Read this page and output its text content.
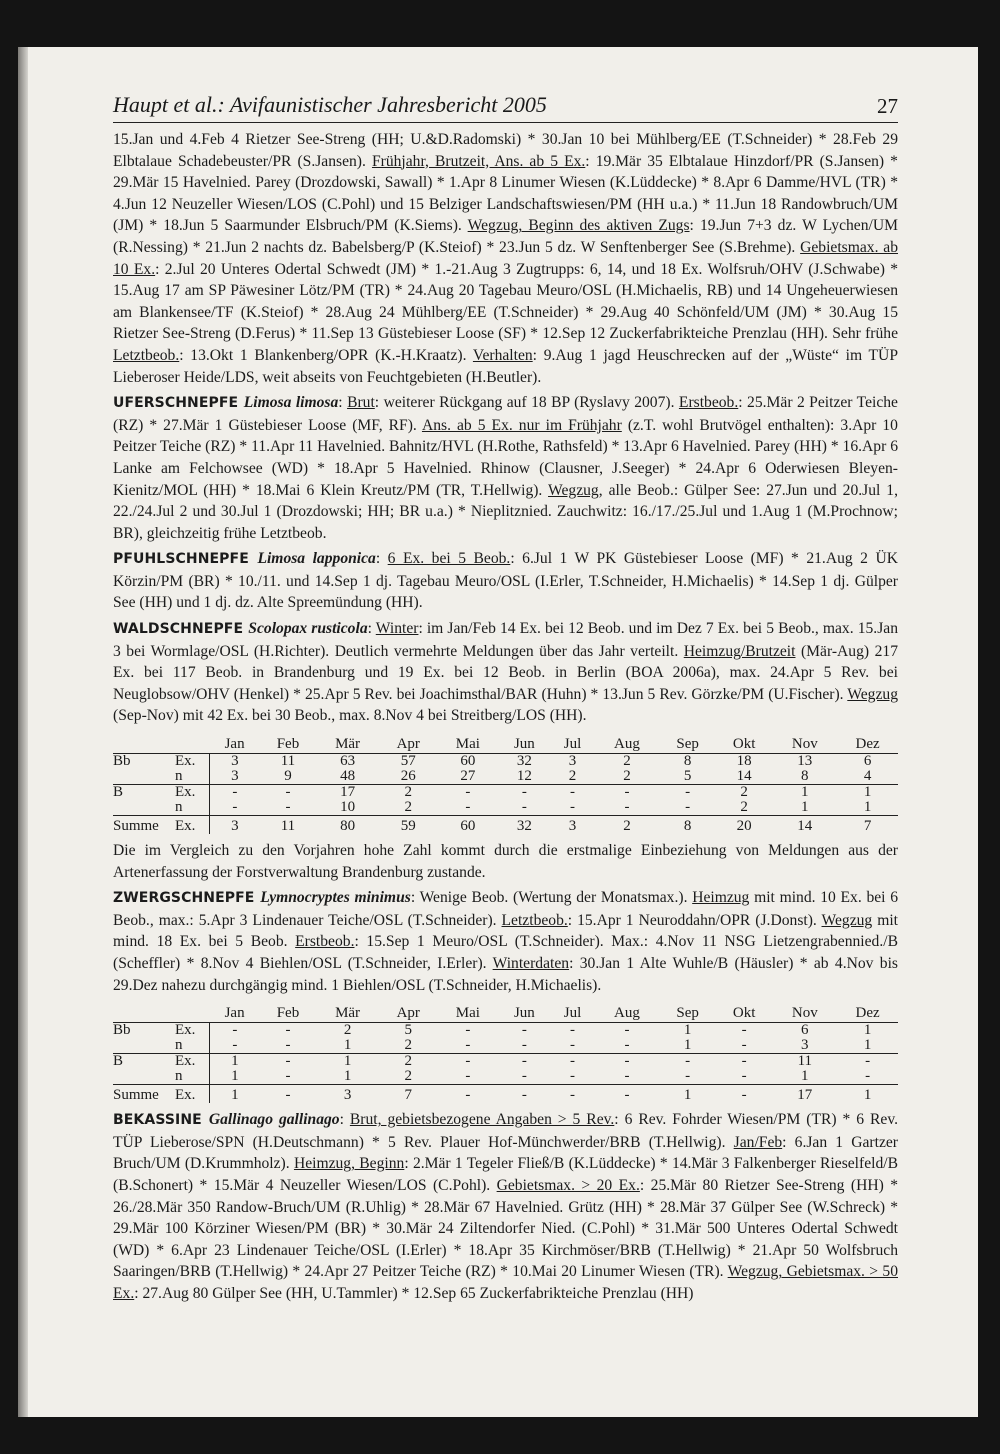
Haupt et al.: Avifaunistischer Jahresbericht 2005	27

15.Jan und 4.Feb 4 Rietzer See-Streng (HH; U.&D.Radomski) * 30.Jan 10 bei Mühlberg/EE (T.Schneider) * 28.Feb 29 Elbtalaue Schadebeuster/PR (S.Jansen). Frühjahr, Brutzeit, Ans. ab 5 Ex.: 19.Mär 35 Elbtalaue Hinzdorf/PR (S.Jansen) * 29.Mär 15 Havelnied. Parey (Drozdowski, Sawall) * 1.Apr 8 Linumer Wiesen (K.Lüddecke) * 8.Apr 6 Damme/HVL (TR) * 4.Jun 12 Neuzeller Wiesen/LOS (C.Pohl) und 15 Belziger Landschaftswiesen/PM (HH u.a.) * 11.Jun 18 Randowbruch/UM (JM) * 18.Jun 5 Saarmunder Elsbruch/PM (K.Siems). Wegzug, Beginn des aktiven Zugs: 19.Jun 7+3 dz. W Lychen/UM (R.Nessing) * 21.Jun 2 nachts dz. Babelsberg/P (K.Steiof) * 23.Jun 5 dz. W Senftenberger See (S.Brehme). Gebietsmax. ab 10 Ex.: 2.Jul 20 Unteres Odertal Schwedt (JM) * 1.-21.Aug 3 Zugtrupps: 6, 14, und 18 Ex. Wolfsruh/OHV (J.Schwabe) * 15.Aug 17 am SP Päwesiner Lötz/PM (TR) * 24.Aug 20 Tagebau Meuro/OSL (H.Michaelis, RB) und 14 Ungeheuerwiesen am Blankensee/TF (K.Steiof) * 28.Aug 24 Mühlberg/EE (T.Schneider) * 29.Aug 40 Schönfeld/UM (JM) * 30.Aug 15 Rietzer See-Streng (D.Ferus) * 11.Sep 13 Güstebieser Loose (SF) * 12.Sep 12 Zuckerfabrikteiche Prenzlau (HH). Sehr frühe Letztbeob.: 13.Okt 1 Blankenberg/OPR (K.-H.Kraatz). Verhalten: 9.Aug 1 jagd Heuschrecken auf der „Wüste“ im TÜP Lieberoser Heide/LDS, weit abseits von Feuchtgebieten (H.Beutler).

UFERSCHNEPFE Limosa limosa: Brut: weiterer Rückgang auf 18 BP (Ryslavy 2007). Erstbeob.: 25.Mär 2 Peitzer Teiche (RZ) * 27.Mär 1 Güstebieser Loose (MF, RF). Ans. ab 5 Ex. nur im Frühjahr (z.T. wohl Brutvögel enthalten): 3.Apr 10 Peitzer Teiche (RZ) * 11.Apr 11 Havelnied. Bahnitz/HVL (H.Rothe, Rathsfeld) * 13.Apr 6 Havelnied. Parey (HH) * 16.Apr 6 Lanke am Felchowsee (WD) * 18.Apr 5 Havelnied. Rhinow (Clausner, J.Seeger) * 24.Apr 6 Oderwiesen Bleyen-Kienitz/MOL (HH) * 18.Mai 6 Klein Kreutz/PM (TR, T.Hellwig). Wegzug, alle Beob.: Gülper See: 27.Jun und 20.Jul 1, 22./24.Jul 2 und 30.Jul 1 (Drozdowski; HH; BR u.a.) * Nieplitznied. Zauchwitz: 16./17./25.Jul und 1.Aug 1 (M.Prochnow; BR), gleichzeitig frühe Letztbeob.

PFUHLSCHNEPFE Limosa lapponica: 6 Ex. bei 5 Beob.: 6.Jul 1 W PK Güstebieser Loose (MF) * 21.Aug 2 ÜK Körzin/PM (BR) * 10./11. und 14.Sep 1 dj. Tagebau Meuro/OSL (I.Erler, T.Schneider, H.Michaelis) * 14.Sep 1 dj. Gülper See (HH) und 1 dj. dz. Alte Spreemündung (HH).

WALDSCHNEPFE Scolopax rusticola: Winter: im Jan/Feb 14 Ex. bei 12 Beob. und im Dez 7 Ex. bei 5 Beob., max. 15.Jan 3 bei Wormlage/OSL (H.Richter). Deutlich vermehrte Meldungen über das Jahr verteilt. Heimzug/Brutzeit (Mär-Aug) 217 Ex. bei 117 Beob. in Brandenburg und 19 Ex. bei 12 Beob. in Berlin (BOA 2006a), max. 24.Apr 5 Rev. bei Neuglobsow/OHV (Henkel) * 25.Apr 5 Rev. bei Joachimsthal/BAR (Huhn) * 13.Jun 5 Rev. Görzke/PM (U.Fischer). Wegzug (Sep-Nov) mit 42 Ex. bei 30 Beob., max. 8.Nov 4 bei Streitberg/LOS (HH).

		Jan	Feb	Mär	Apr	Mai	Jun	Jul	Aug	Sep	Okt	Nov	Dez
Bb	Ex.	3	11	63	57	60	32	3	2	8	18	13	6
	n	3	9	48	26	27	12	2	2	5	14	8	4
B	Ex.	-	-	17	2	-	-	-	-	-	2	1	1
	n	-	-	10	2	-	-	-	-	-	2	1	1
Summe	Ex.	3	11	80	59	60	32	3	2	8	20	14	7

Die im Vergleich zu den Vorjahren hohe Zahl kommt durch die erstmalige Einbeziehung von Meldungen aus der Artenerfassung der Forstverwaltung Brandenburg zustande.

ZWERGSCHNEPFE Lymnocryptes minimus: Wenige Beob. (Wertung der Monatsmax.). Heimzug mit mind. 10 Ex. bei 6 Beob., max.: 5.Apr 3 Lindenauer Teiche/OSL (T.Schneider). Letztbeob.: 15.Apr 1 Neuroddahn/OPR (J.Donst). Wegzug mit mind. 18 Ex. bei 5 Beob. Erstbeob.: 15.Sep 1 Meuro/OSL (T.Schneider). Max.: 4.Nov 11 NSG Lietzengrabennied./B (Scheffler) * 8.Nov 4 Biehlen/OSL (T.Schneider, I.Erler). Winterdaten: 30.Jan 1 Alte Wuhle/B (Häusler) * ab 4.Nov bis 29.Dez nahezu durchgängig mind. 1 Biehlen/OSL (T.Schneider, H.Michaelis).

		Jan	Feb	Mär	Apr	Mai	Jun	Jul	Aug	Sep	Okt	Nov	Dez
Bb	Ex.	-	-	2	5	-	-	-	-	1	-	6	1
	n	-	-	1	2	-	-	-	-	1	-	3	1
B	Ex.	1	-	1	2	-	-	-	-	-	-	11	-
	n	1	-	1	2	-	-	-	-	-	-	1	-
Summe	Ex.	1	-	3	7	-	-	-	-	1	-	17	1

BEKASSINE Gallinago gallinago: Brut, gebietsbezogene Angaben > 5 Rev.: 6 Rev. Fohrder Wiesen/PM (TR) * 6 Rev. TÜP Lieberose/SPN (H.Deutschmann) * 5 Rev. Plauer Hof-Münchwerder/BRB (T.Hellwig). Jan/Feb: 6.Jan 1 Gartzer Bruch/UM (D.Krummholz). Heimzug, Beginn: 2.Mär 1 Tegeler Fließ/B (K.Lüddecke) * 14.Mär 3 Falkenberger Rieselfeld/B (B.Schonert) * 15.Mär 4 Neuzeller Wiesen/LOS (C.Pohl). Gebietsmax. > 20 Ex.: 25.Mär 80 Rietzer See-Streng (HH) * 26./28.Mär 350 Randow-Bruch/UM (R.Uhlig) * 28.Mär 67 Havelnied. Grütz (HH) * 28.Mär 37 Gülper See (W.Schreck) * 29.Mär 100 Körziner Wiesen/PM (BR) * 30.Mär 24 Ziltendorfer Nied. (C.Pohl) * 31.Mär 500 Unteres Odertal Schwedt (WD) * 6.Apr 23 Lindenauer Teiche/OSL (I.Erler) * 18.Apr 35 Kirchmöser/BRB (T.Hellwig) * 21.Apr 50 Wolfsbruch Saaringen/BRB (T.Hellwig) * 24.Apr 27 Peitzer Teiche (RZ) * 10.Mai 20 Linumer Wiesen (TR). Wegzug, Gebietsmax. > 50 Ex.: 27.Aug 80 Gülper See (HH, U.Tammler) * 12.Sep 65 Zuckerfabrikteiche Prenzlau (HH)
